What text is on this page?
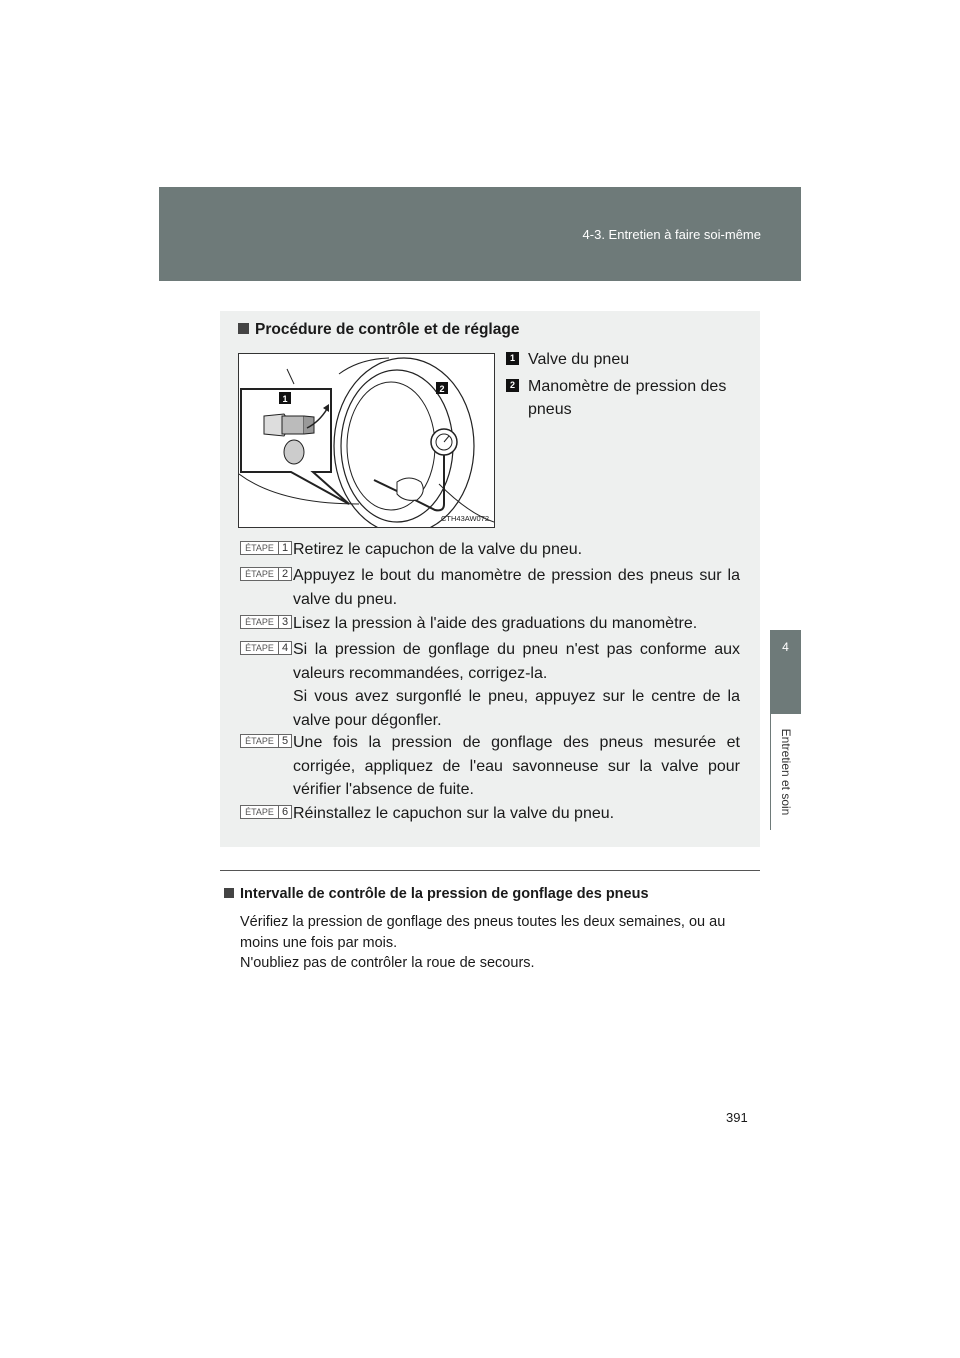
4-3. Entretien à faire soi-même
4
Entretien et soin
Procédure de contrôle et de réglage
1
2
CTH43AW072
1 Valve du pneu
2 Manomètre de pression des pneus
ÉTAPE 1 Retirez le capuchon de la valve du pneu.
ÉTAPE 2 Appuyez le bout du manomètre de pression des pneus sur la valve du pneu.
ÉTAPE 3 Lisez la pression à l'aide des graduations du manomètre.
ÉTAPE 4 Si la pression de gonflage du pneu n'est pas conforme aux valeurs recommandées, corrigez-la.
Si vous avez surgonflé le pneu, appuyez sur le centre de la valve pour dégonfler.
ÉTAPE 5 Une fois la pression de gonflage des pneus mesurée et corrigée, appliquez de l'eau savonneuse sur la valve pour vérifier l'absence de fuite.
ÉTAPE 6 Réinstallez le capuchon sur la valve du pneu.
Intervalle de contrôle de la pression de gonflage des pneus
Vérifiez la pression de gonflage des pneus toutes les deux semaines, ou au moins une fois par mois.
N'oubliez pas de contrôler la roue de secours.
391
